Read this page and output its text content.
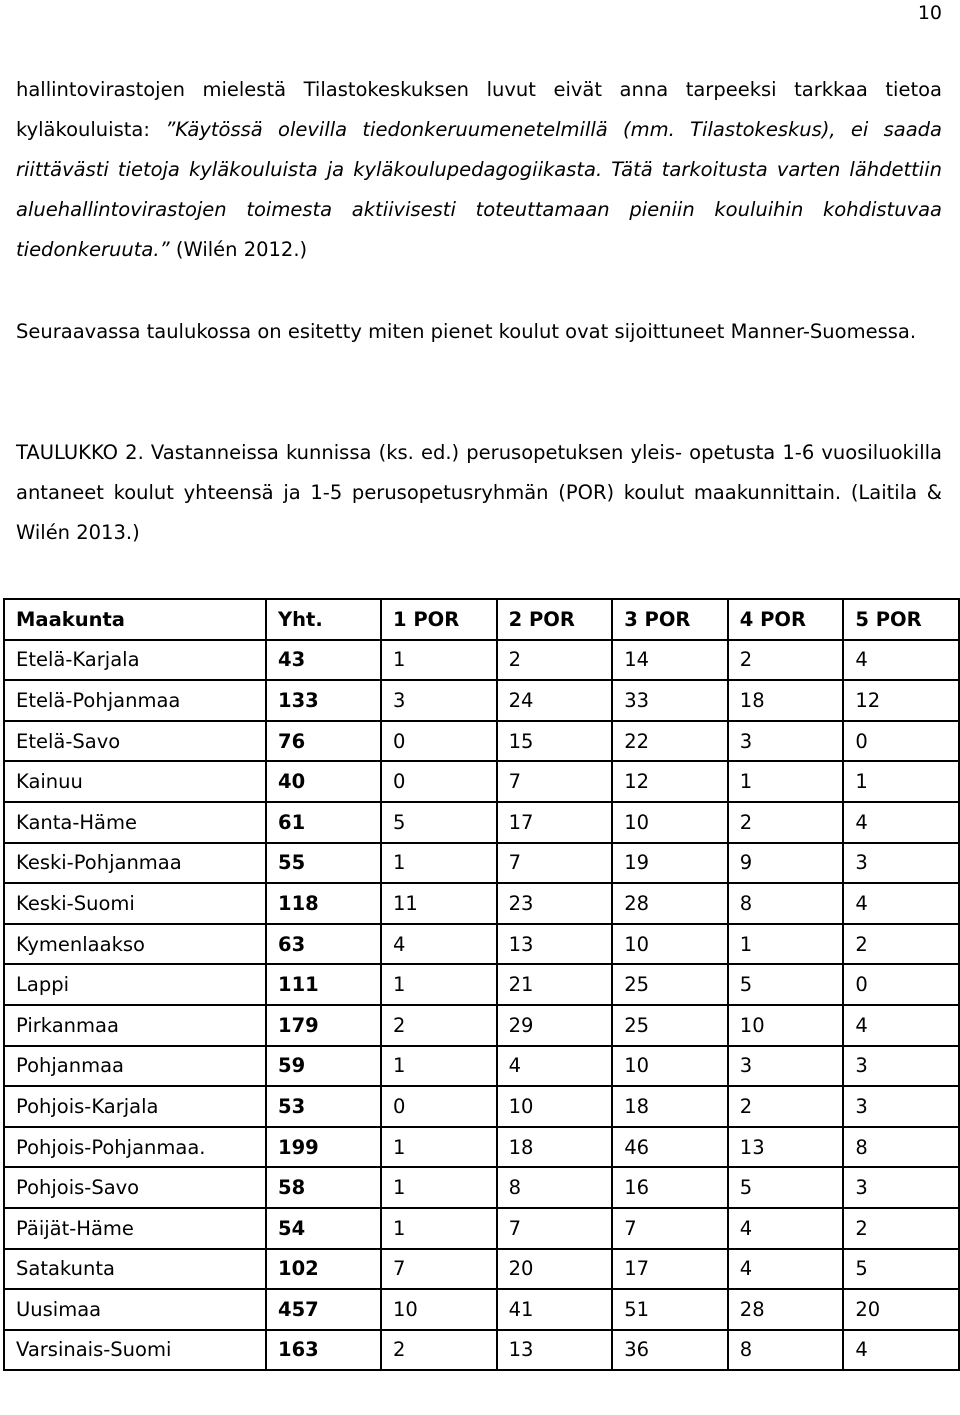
10
hallintovirastojen mielestä Tilastokeskuksen luvut eivät anna tarpeeksi tarkkaa tietoa kyläkouluista: ”Käytössä olevilla tiedonkeruumenetelmillä (mm. Tilastokeskus), ei saada riittävästi tietoja kyläkouluista ja kyläkoulupedagogiikasta. Tätä tarkoitusta varten lähdettiin aluehallintovirastojen toimesta aktiivisesti toteuttamaan pieniin kouluihin kohdistuvaa tiedonkeruuta.” (Wilén 2012.)
Seuraavassa taulukossa on esitetty miten pienet koulut ovat sijoittuneet Manner-Suomessa.
TAULUKKO 2. Vastanneissa kunnissa (ks. ed.) perusopetuksen yleis- opetusta 1-6 vuosiluokilla antaneet koulut yhteensä ja 1-5 perusopetusryhmän (POR) koulut maakunnittain. (Laitila & Wilén 2013.)
Maakunta	Yht.	1 POR	2 POR	3 POR	4 POR	5 POR
Etelä-Karjala	43	1	2	14	2	4
Etelä-Pohjanmaa	133	3	24	33	18	12
Etelä-Savo	76	0	15	22	3	0
Kainuu	40	0	7	12	1	1
Kanta-Häme	61	5	17	10	2	4
Keski-Pohjanmaa	55	1	7	19	9	3
Keski-Suomi	118	11	23	28	8	4
Kymenlaakso	63	4	13	10	1	2
Lappi	111	1	21	25	5	0
Pirkanmaa	179	2	29	25	10	4
Pohjanmaa	59	1	4	10	3	3
Pohjois-Karjala	53	0	10	18	2	3
Pohjois-Pohjanmaa.	199	1	18	46	13	8
Pohjois-Savo	58	1	8	16	5	3
Päijät-Häme	54	1	7	7	4	2
Satakunta	102	7	20	17	4	5
Uusimaa	457	10	41	51	28	20
Varsinais-Suomi	163	2	13	36	8	4
